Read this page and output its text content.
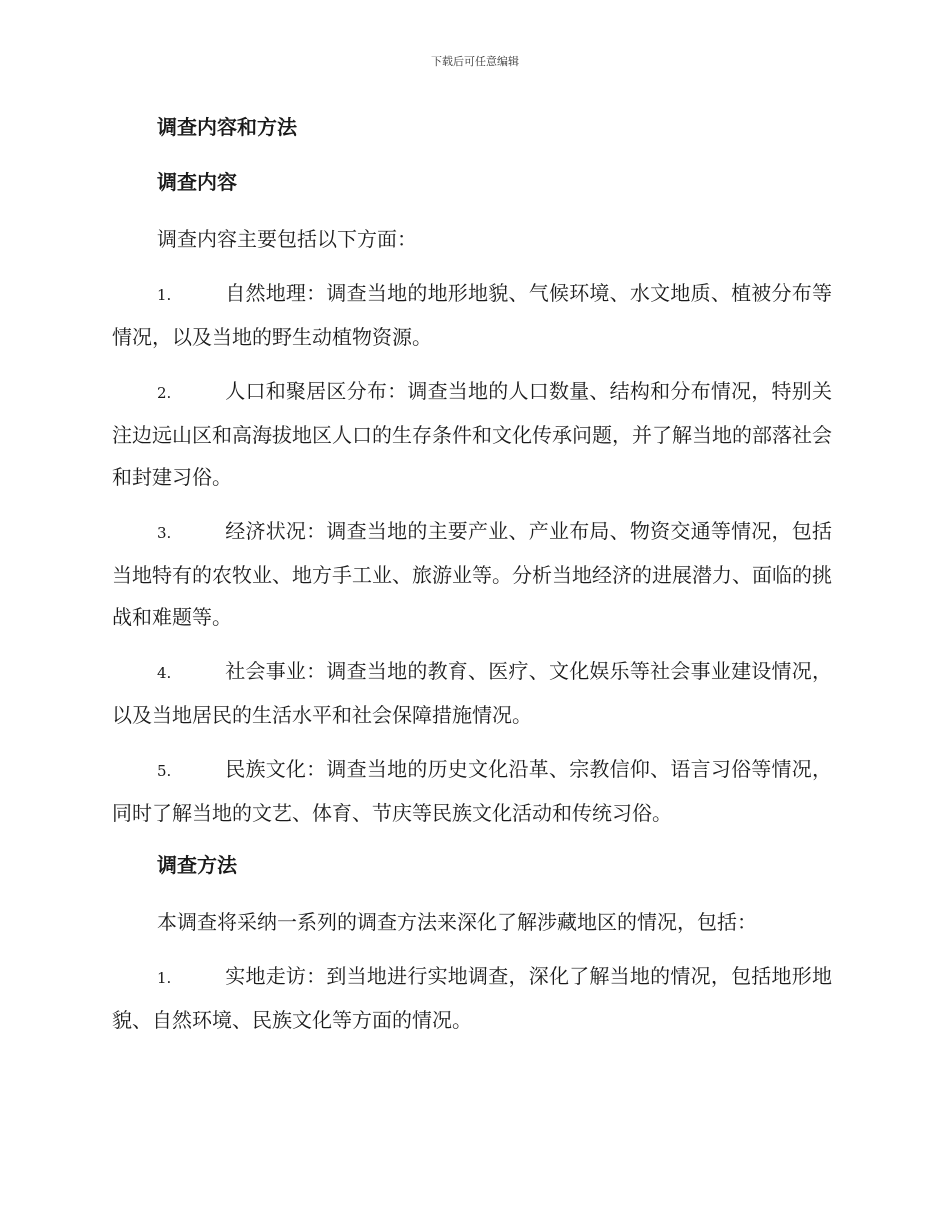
下载后可任意编辑
调查内容和方法
调查内容

调查内容主要包括以下方面：

1.	自然地理：调查当地的地形地貌、气候环境、水文地质、植被分布等情况，以及当地的野生动植物资源。

2.	人口和聚居区分布：调查当地的人口数量、结构和分布情况，特别关注边远山区和高海拔地区人口的生存条件和文化传承问题，并了解当地的部落社会和封建习俗。

3.	经济状况：调查当地的主要产业、产业布局、物资交通等情况，包括当地特有的农牧业、地方手工业、旅游业等。分析当地经济的进展潜力、面临的挑战和难题等。

4.	社会事业：调查当地的教育、医疗、文化娱乐等社会事业建设情况，以及当地居民的生活水平和社会保障措施情况。

5.	民族文化：调查当地的历史文化沿革、宗教信仰、语言习俗等情况，同时了解当地的文艺、体育、节庆等民族文化活动和传统习俗。

调查方法

本调查将采纳一系列的调查方法来深化了解涉藏地区的情况，包括：

1.	实地走访：到当地进行实地调查，深化了解当地的情况，包括地形地貌、自然环境、民族文化等方面的情况。
